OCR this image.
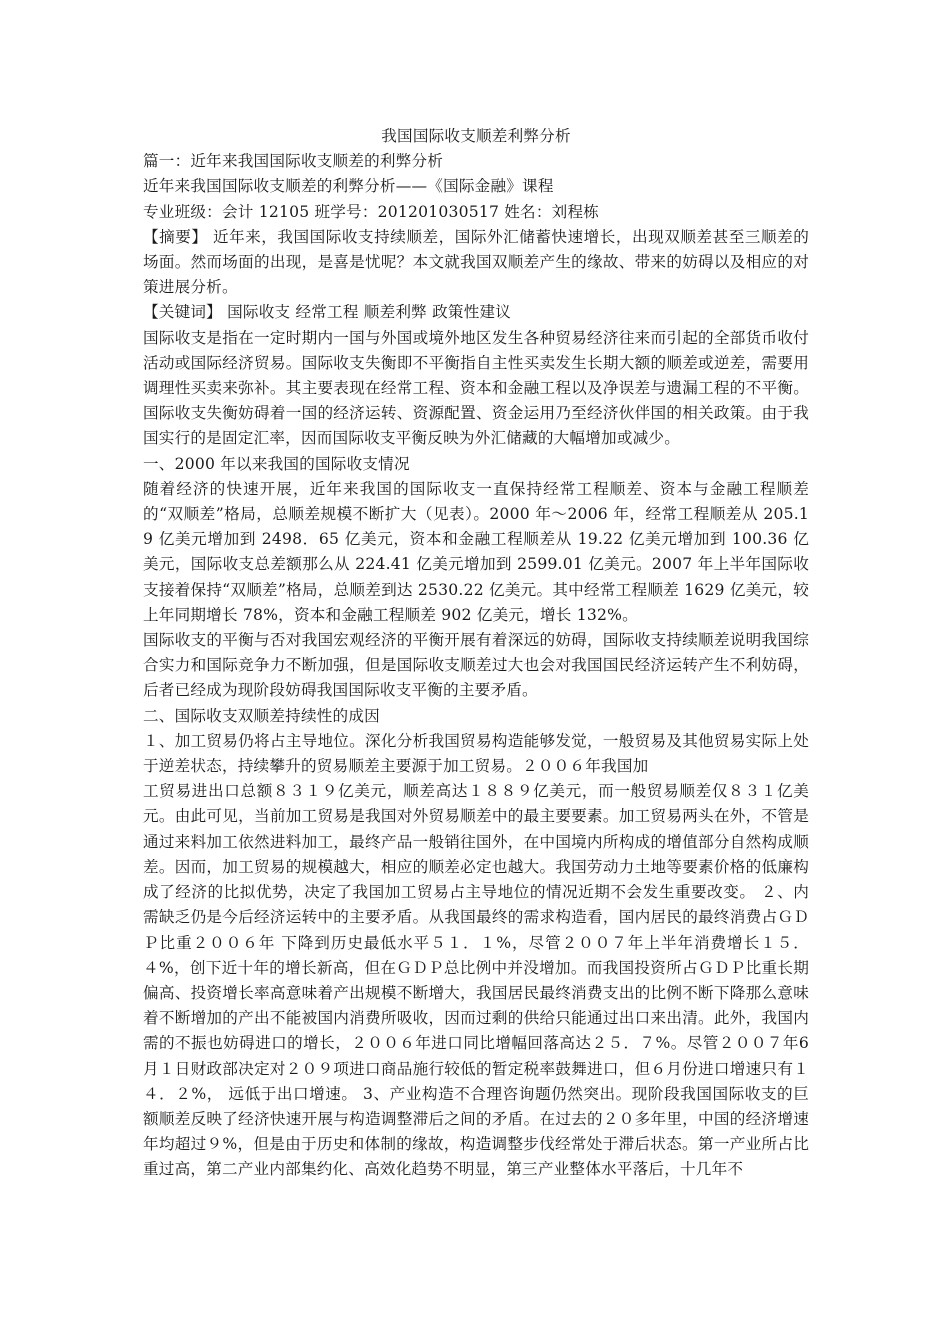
我国国际收支顺差利弊分析

篇一：近年来我国国际收支顺差的利弊分析

近年来我国国际收支顺差的利弊分析——《国际金融》课程

专业班级：会计 12105 班学号：201201030517 姓名：刘程栋

【摘要】 近年来，我国国际收支持续顺差，国际外汇储蓄快速增长，出现双顺差甚至三顺差的场面。然而场面的出现，是喜是忧呢？本文就我国双顺差产生的缘故、带来的妨碍以及相应的对策进展分析。

【关键词】 国际收支 经常工程 顺差利弊 政策性建议

国际收支是指在一定时期内一国与外国或境外地区发生各种贸易经济往来而引起的全部货币收付活动或国际经济贸易。国际收支失衡即不平衡指自主性买卖发生长期大额的顺差或逆差，需要用调理性买卖来弥补。其主要表现在经常工程、资本和金融工程以及净误差与遗漏工程的不平衡。国际收支失衡妨碍着一国的经济运转、资源配置、资金运用乃至经济伙伴国的相关政策。由于我国实行的是固定汇率，因而国际收支平衡反映为外汇储藏的大幅增加或减少。

一、2000 年以来我国的国际收支情况

随着经济的快速开展，近年来我国的国际收支一直保持经常工程顺差、资本与金融工程顺差的“双顺差”格局，总顺差规模不断扩大（见表）。2000 年～2006 年，经常工程顺差从 205.19 亿美元增加到 2498．65 亿美元，资本和金融工程顺差从 19.22 亿美元增加到 100.36 亿美元，国际收支总差额那么从 224.41 亿美元增加到 2599.01 亿美元。2007 年上半年国际收支接着保持“双顺差”格局，总顺差到达 2530.22 亿美元。其中经常工程顺差 1629 亿美元，较上年同期增长 78%，资本和金融工程顺差 902 亿美元，增长 132%。

国际收支的平衡与否对我国宏观经济的平衡开展有着深远的妨碍，国际收支持续顺差说明我国综合实力和国际竞争力不断加强，但是国际收支顺差过大也会对我国国民经济运转产生不利妨碍，后者已经成为现阶段妨碍我国国际收支平衡的主要矛盾。

二、国际收支双顺差持续性的成因

１、加工贸易仍将占主导地位。深化分析我国贸易构造能够发觉，一般贸易及其他贸易实际上处于逆差状态，持续攀升的贸易顺差主要源于加工贸易。２００６年我国加

工贸易进出口总额８３１９亿美元，顺差高达１８８９亿美元，而一般贸易顺差仅８３１亿美元。由此可见，当前加工贸易是我国对外贸易顺差中的最主要要素。加工贸易两头在外，不管是通过来料加工依然进料加工，最终产品一般销往国外，在中国境内所构成的增值部分自然构成顺差。因而，加工贸易的规模越大，相应的顺差必定也越大。我国劳动力土地等要素价格的低廉构成了经济的比拟优势，决定了我国加工贸易占主导地位的情况近期不会发生重要改变。 ２、内需缺乏仍是今后经济运转中的主要矛盾。从我国最终的需求构造看，国内居民的最终消费占ＧＤＰ比重２００６年 下降到历史最低水平５１．１%，尽管２００７年上半年消费增长１５．４%，创下近十年的增长新高，但在ＧＤＰ总比例中并没增加。而我国投资所占ＧＤＰ比重长期偏高、投资增长率高意味着产出规模不断增大，我国居民最终消费支出的比例不断下降那么意味着不断增加的产出不能被国内消费所吸收，因而过剩的供给只能通过出口来出清。此外，我国内需的不振也妨碍进口的增长，２００６年进口同比增幅回落高达２５．７%。尽管２００７年6月１日财政部决定对２０９项进口商品施行较低的暂定税率鼓舞进口，但６月份进口增速只有１４．２%， 远低于出口增速。 3、产业构造不合理咨询题仍然突出。现阶段我国国际收支的巨额顺差反映了经济快速开展与构造调整滞后之间的矛盾。在过去的２０多年里，中国的经济增速年均超过９%，但是由于历史和体制的缘故，构造调整步伐经常处于滞后状态。第一产业所占比重过高，第二产业内部集约化、高效化趋势不明显，第三产业整体水平落后，十几年不
